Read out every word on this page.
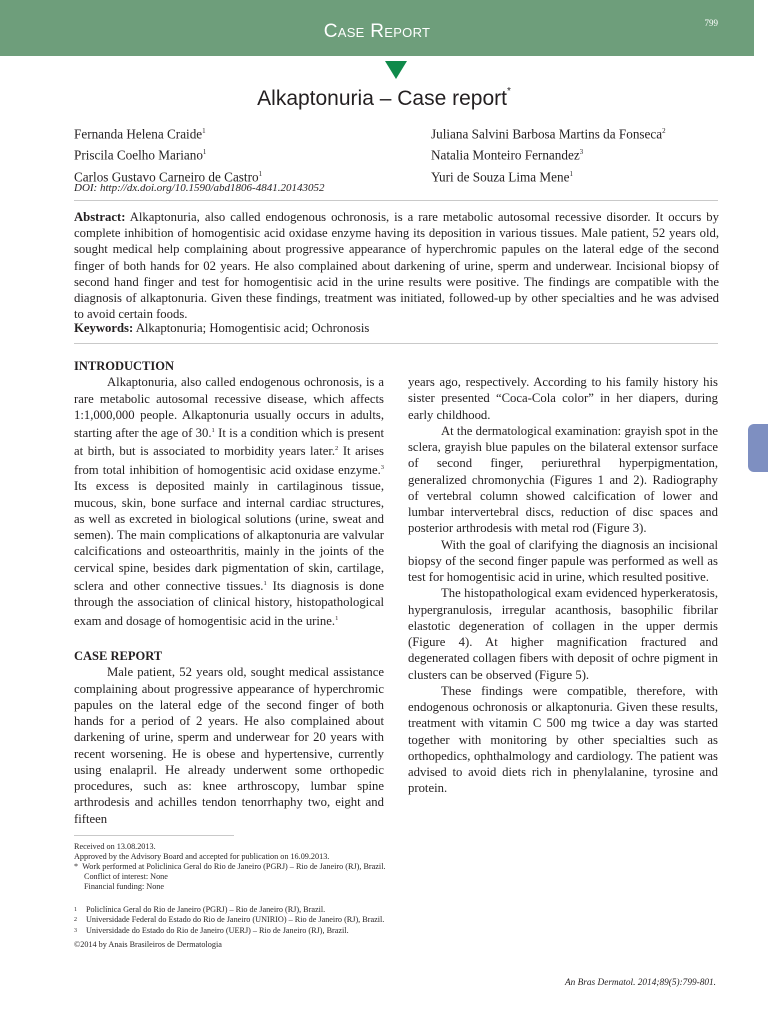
Case Report	799
Alkaptonuria – Case report*
Fernanda Helena Craide$^1$
Priscila Coelho Mariano$^1$
Carlos Gustavo Carneiro de Castro$^1$
Juliana Salvini Barbosa Martins da Fonseca$^2$
Natalia Monteiro Fernandez$^3$
Yuri de Souza Lima Mene$^1$
DOI: http://dx.doi.org/10.1590/abd1806-4841.20143052
Abstract: Alkaptonuria, also called endogenous ochronosis, is a rare metabolic autosomal recessive disorder. It occurs by complete inhibition of homogentisic acid oxidase enzyme having its deposition in various tissues. Male patient, 52 years old, sought medical help complaining about progressive appearance of hyperchromic papules on the lateral edge of the second finger of both hands for 02 years. He also complained about darkening of urine, sperm and underwear. Incisional biopsy of second hand finger and test for homogentisic acid in the urine results were positive. The findings are compatible with the diagnosis of alkaptonuria. Given these findings, treatment was initiated, followed-up by other specialties and he was advised to avoid certain foods.
Keywords: Alkaptonuria; Homogentisic acid; Ochronosis
INTRODUCTION

Alkaptonuria, also called endogenous ochronosis, is a rare metabolic autosomal recessive disease, which affects 1:1,000,000 people. Alkaptonuria usually occurs in adults, starting after the age of 30.$^1$ It is a condition which is present at birth, but is associated to morbidity years later.$^2$ It arises from total inhibition of homogentisic acid oxidase enzyme.$^3$ Its excess is deposited mainly in cartilaginous tissue, mucous, skin, bone surface and internal cardiac structures, as well as excreted in biological solutions (urine, sweat and semen). The main complications of alkaptonuria are valvular calcifications and osteoarthritis, mainly in the joints of the cervical spine, besides dark pigmentation of skin, cartilage, sclera and other connective tissues.$^1$ Its diagnosis is done through the association of clinical history, histopathological exam and dosage of homogentisic acid in the urine.$^1$

CASE REPORT

Male patient, 52 years old, sought medical assistance complaining about progressive appearance of hyperchromic papules on the lateral edge of the second finger of both hands for a period of 2 years. He also complained about darkening of urine, sperm and underwear for 20 years with recent worsening. He is obese and hypertensive, currently using enalapril. He already underwent some orthopedic procedures, such as: knee arthroscopy, lumbar spine arthrodesis and achilles tendon tenorrhaphy two, eight and fifteen

years ago, respectively. According to his family history his sister presented “Coca-Cola color” in her diapers, during early childhood.

At the dermatological examination: grayish spot in the sclera, grayish blue papules on the bilateral extensor surface of second finger, periurethral hyperpigmentation, generalized chromonychia (Figures 1 and 2). Radiography of vertebral column showed calcification of lower and lumbar intervertebral discs, reduction of disc spaces and posterior arthrodesis with metal rod (Figure 3).

With the goal of clarifying the diagnosis an incisional biopsy of the second finger papule was performed as well as test for homogentisic acid in urine, which resulted positive.

The histopathological exam evidenced hyperkeratosis, hypergranulosis, irregular acanthosis, basophilic fibrilar elastotic degeneration of collagen in the upper dermis (Figure 4). At higher magnification fractured and degenerated collagen fibers with deposit of ochre pigment in clusters can be observed (Figure 5).

These findings were compatible, therefore, with endogenous ochronosis or alkaptonuria. Given these results, treatment with vitamin C 500 mg twice a day was started together with monitoring by other specialties such as orthopedics, ophthalmology and cardiology. The patient was advised to avoid diets rich in phenylalanine, tyrosine and protein.

Received on 13.08.2013.
Approved by the Advisory Board and accepted for publication on 16.09.2013.
* Work performed at Policlinica Geral do Rio de Janeiro (PGRJ) – Rio de Janeiro (RJ), Brazil.
Conflict of interest: None
Financial funding: None
1 Policlínica Geral do Rio de Janeiro (PGRJ) – Rio de Janeiro (RJ), Brazil.
2 Universidade Federal do Estado do Rio de Janeiro (UNIRIO) – Rio de Janeiro (RJ), Brazil.
3 Universidade do Estado do Rio de Janeiro (UERJ) – Rio de Janeiro (RJ), Brazil.
©2014 by Anais Brasileiros de Dermatologia
An Bras Dermatol. 2014;89(5):799-801.
